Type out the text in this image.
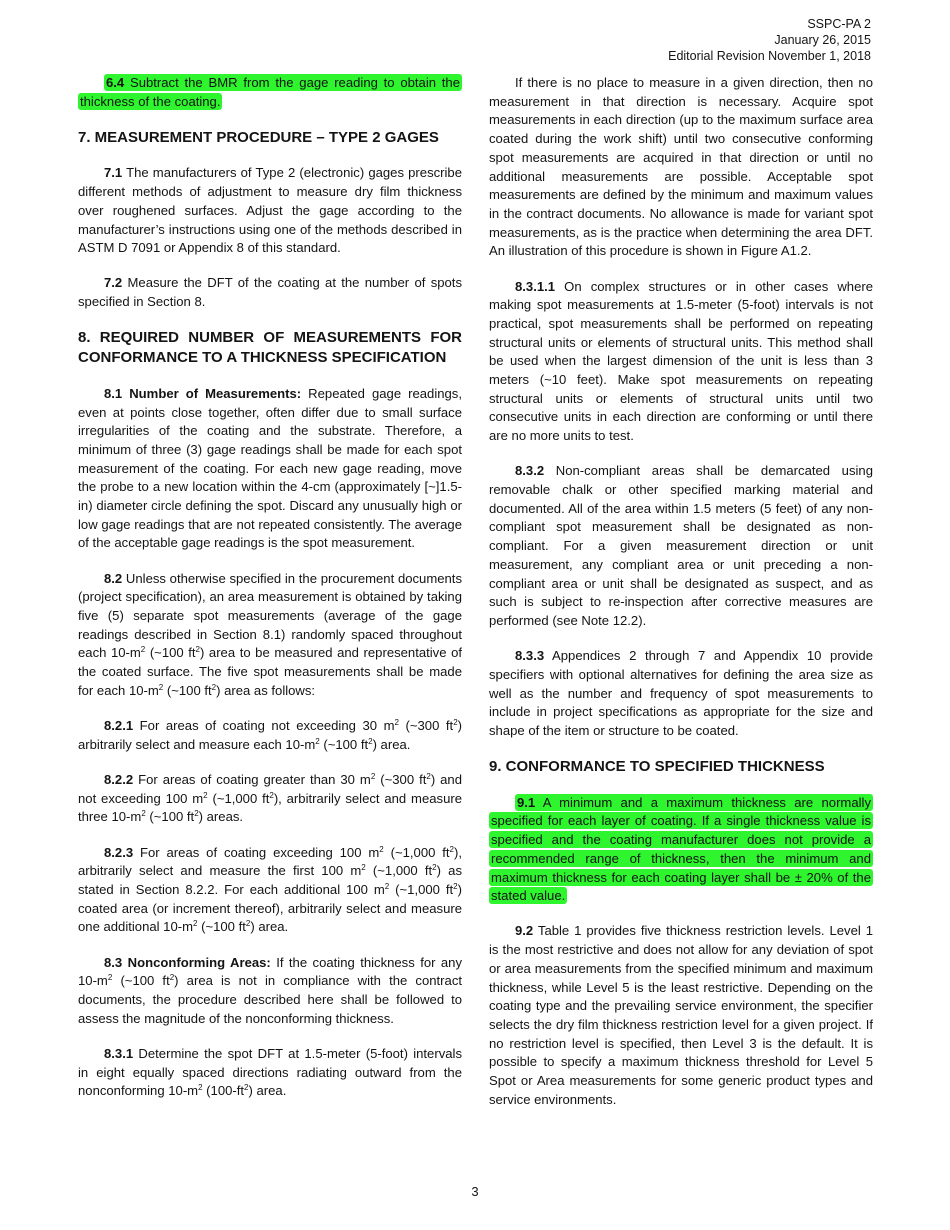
SSPC-PA 2
January 26, 2015
Editorial Revision November 1, 2018

6.4 Subtract the BMR from the gage reading to obtain the thickness of the coating.

7. MEASUREMENT PROCEDURE – TYPE 2 GAGES

7.1 The manufacturers of Type 2 (electronic) gages prescribe different methods of adjustment to measure dry film thickness over roughened surfaces. Adjust the gage according to the manufacturer’s instructions using one of the methods described in ASTM D 7091 or Appendix 8 of this standard.

7.2 Measure the DFT of the coating at the number of spots specified in Section 8.

8. REQUIRED NUMBER OF MEASUREMENTS FOR CONFORMANCE TO A THICKNESS SPECIFICATION

8.1 Number of Measurements: Repeated gage readings, even at points close together, often differ due to small surface irregularities of the coating and the substrate. Therefore, a minimum of three (3) gage readings shall be made for each spot measurement of the coating. For each new gage reading, move the probe to a new location within the 4-cm (approximately [~]1.5-in) diameter circle defining the spot. Discard any unusually high or low gage readings that are not repeated consistently. The average of the acceptable gage readings is the spot measurement.

8.2 Unless otherwise specified in the procurement documents (project specification), an area measurement is obtained by taking five (5) separate spot measurements (average of the gage readings described in Section 8.1) randomly spaced throughout each $10-m^2$ (~100 $ft^2$) area to be measured and representative of the coated surface. The five spot measurements shall be made for each $10-m^2$ (~100 $ft^2$) area as follows:

8.2.1 For areas of coating not exceeding 30 $m^2$ (~300 $ft^2$) arbitrarily select and measure each $10-m^2$ (~100 $ft^2$) area.

8.2.2 For areas of coating greater than 30 $m^2$ (~300 $ft^2$) and not exceeding 100 $m^2$ (~1,000 $ft^2$), arbitrarily select and measure three $10-m^2$ (~100 $ft^2$) areas.

8.2.3 For areas of coating exceeding 100 $m^2$ (~1,000 $ft^2$), arbitrarily select and measure the first 100 $m^2$ (~1,000 $ft^2$) as stated in Section 8.2.2. For each additional 100 $m^2$ (~1,000 $ft^2$) coated area (or increment thereof), arbitrarily select and measure one additional $10-m^2$ (~100 $ft^2$) area.

8.3 Nonconforming Areas: If the coating thickness for any $10-m^2$ (~100 $ft^2$) area is not in compliance with the contract documents, the procedure described here shall be followed to assess the magnitude of the nonconforming thickness.

8.3.1 Determine the spot DFT at 1.5-meter (5-foot) intervals in eight equally spaced directions radiating outward from the nonconforming $10-m^2$ $(100-ft^2)$ area.

If there is no place to measure in a given direction, then no measurement in that direction is necessary. Acquire spot measurements in each direction (up to the maximum surface area coated during the work shift) until two consecutive conforming spot measurements are acquired in that direction or until no additional measurements are possible. Acceptable spot measurements are defined by the minimum and maximum values in the contract documents. No allowance is made for variant spot measurements, as is the practice when determining the area DFT. An illustration of this procedure is shown in Figure A1.2.

8.3.1.1 On complex structures or in other cases where making spot measurements at 1.5-meter (5-foot) intervals is not practical, spot measurements shall be performed on repeating structural units or elements of structural units. This method shall be used when the largest dimension of the unit is less than 3 meters (~10 feet). Make spot measurements on repeating structural units or elements of structural units until two consecutive units in each direction are conforming or until there are no more units to test.

8.3.2 Non-compliant areas shall be demarcated using removable chalk or other specified marking material and documented. All of the area within 1.5 meters (5 feet) of any non-compliant spot measurement shall be designated as non-compliant. For a given measurement direction or unit measurement, any compliant area or unit preceding a non-compliant area or unit shall be designated as suspect, and as such is subject to re-inspection after corrective measures are performed (see Note 12.2).

8.3.3 Appendices 2 through 7 and Appendix 10 provide specifiers with optional alternatives for defining the area size as well as the number and frequency of spot measurements to include in project specifications as appropriate for the size and shape of the item or structure to be coated.

9. CONFORMANCE TO SPECIFIED THICKNESS

9.1 A minimum and a maximum thickness are normally specified for each layer of coating. If a single thickness value is specified and the coating manufacturer does not provide a recommended range of thickness, then the minimum and maximum thickness for each coating layer shall be ± 20% of the stated value.

9.2 Table 1 provides five thickness restriction levels. Level 1 is the most restrictive and does not allow for any deviation of spot or area measurements from the specified minimum and maximum thickness, while Level 5 is the least restrictive. Depending on the coating type and the prevailing service environment, the specifier selects the dry film thickness restriction level for a given project. If no restriction level is specified, then Level 3 is the default. It is possible to specify a maximum thickness threshold for Level 5 Spot or Area measurements for some generic product types and service environments.

3
